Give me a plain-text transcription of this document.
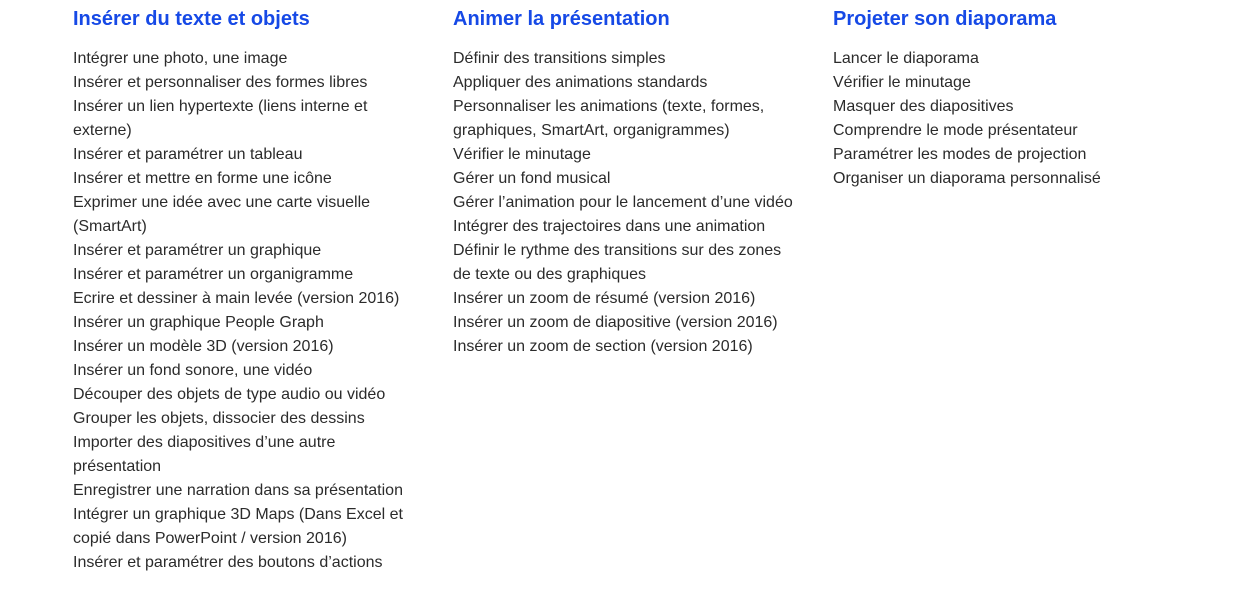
Insérer du texte et objets
Intégrer une photo, une image
Insérer et personnaliser des formes libres
Insérer un lien hypertexte (liens interne et externe)
Insérer et paramétrer un tableau
Insérer et mettre en forme une icône
Exprimer une idée avec une carte visuelle (SmartArt)
Insérer et paramétrer un graphique
Insérer et paramétrer un organigramme
Ecrire et dessiner à main levée (version 2016)
Insérer un graphique People Graph
Insérer un modèle 3D (version 2016)
Insérer un fond sonore, une vidéo
Découper des objets de type audio ou vidéo
Grouper les objets, dissocier des dessins
Importer des diapositives d’une autre présentation
Enregistrer une narration dans sa présentation
Intégrer un graphique 3D Maps (Dans Excel et copié dans PowerPoint / version 2016)
Insérer et paramétrer des boutons d’actions
Animer la présentation
Définir des transitions simples
Appliquer des animations standards
Personnaliser les animations (texte, formes, graphiques, SmartArt, organigrammes)
Vérifier le minutage
Gérer un fond musical
Gérer l’animation pour le lancement d’une vidéo
Intégrer des trajectoires dans une animation
Définir le rythme des transitions sur des zones de texte ou des graphiques
Insérer un zoom de résumé (version 2016)
Insérer un zoom de diapositive (version 2016)
Insérer un zoom de section (version 2016)
Projeter son diaporama
Lancer le diaporama
Vérifier le minutage
Masquer des diapositives
Comprendre le mode présentateur
Paramétrer les modes de projection
Organiser un diaporama personnalisé
